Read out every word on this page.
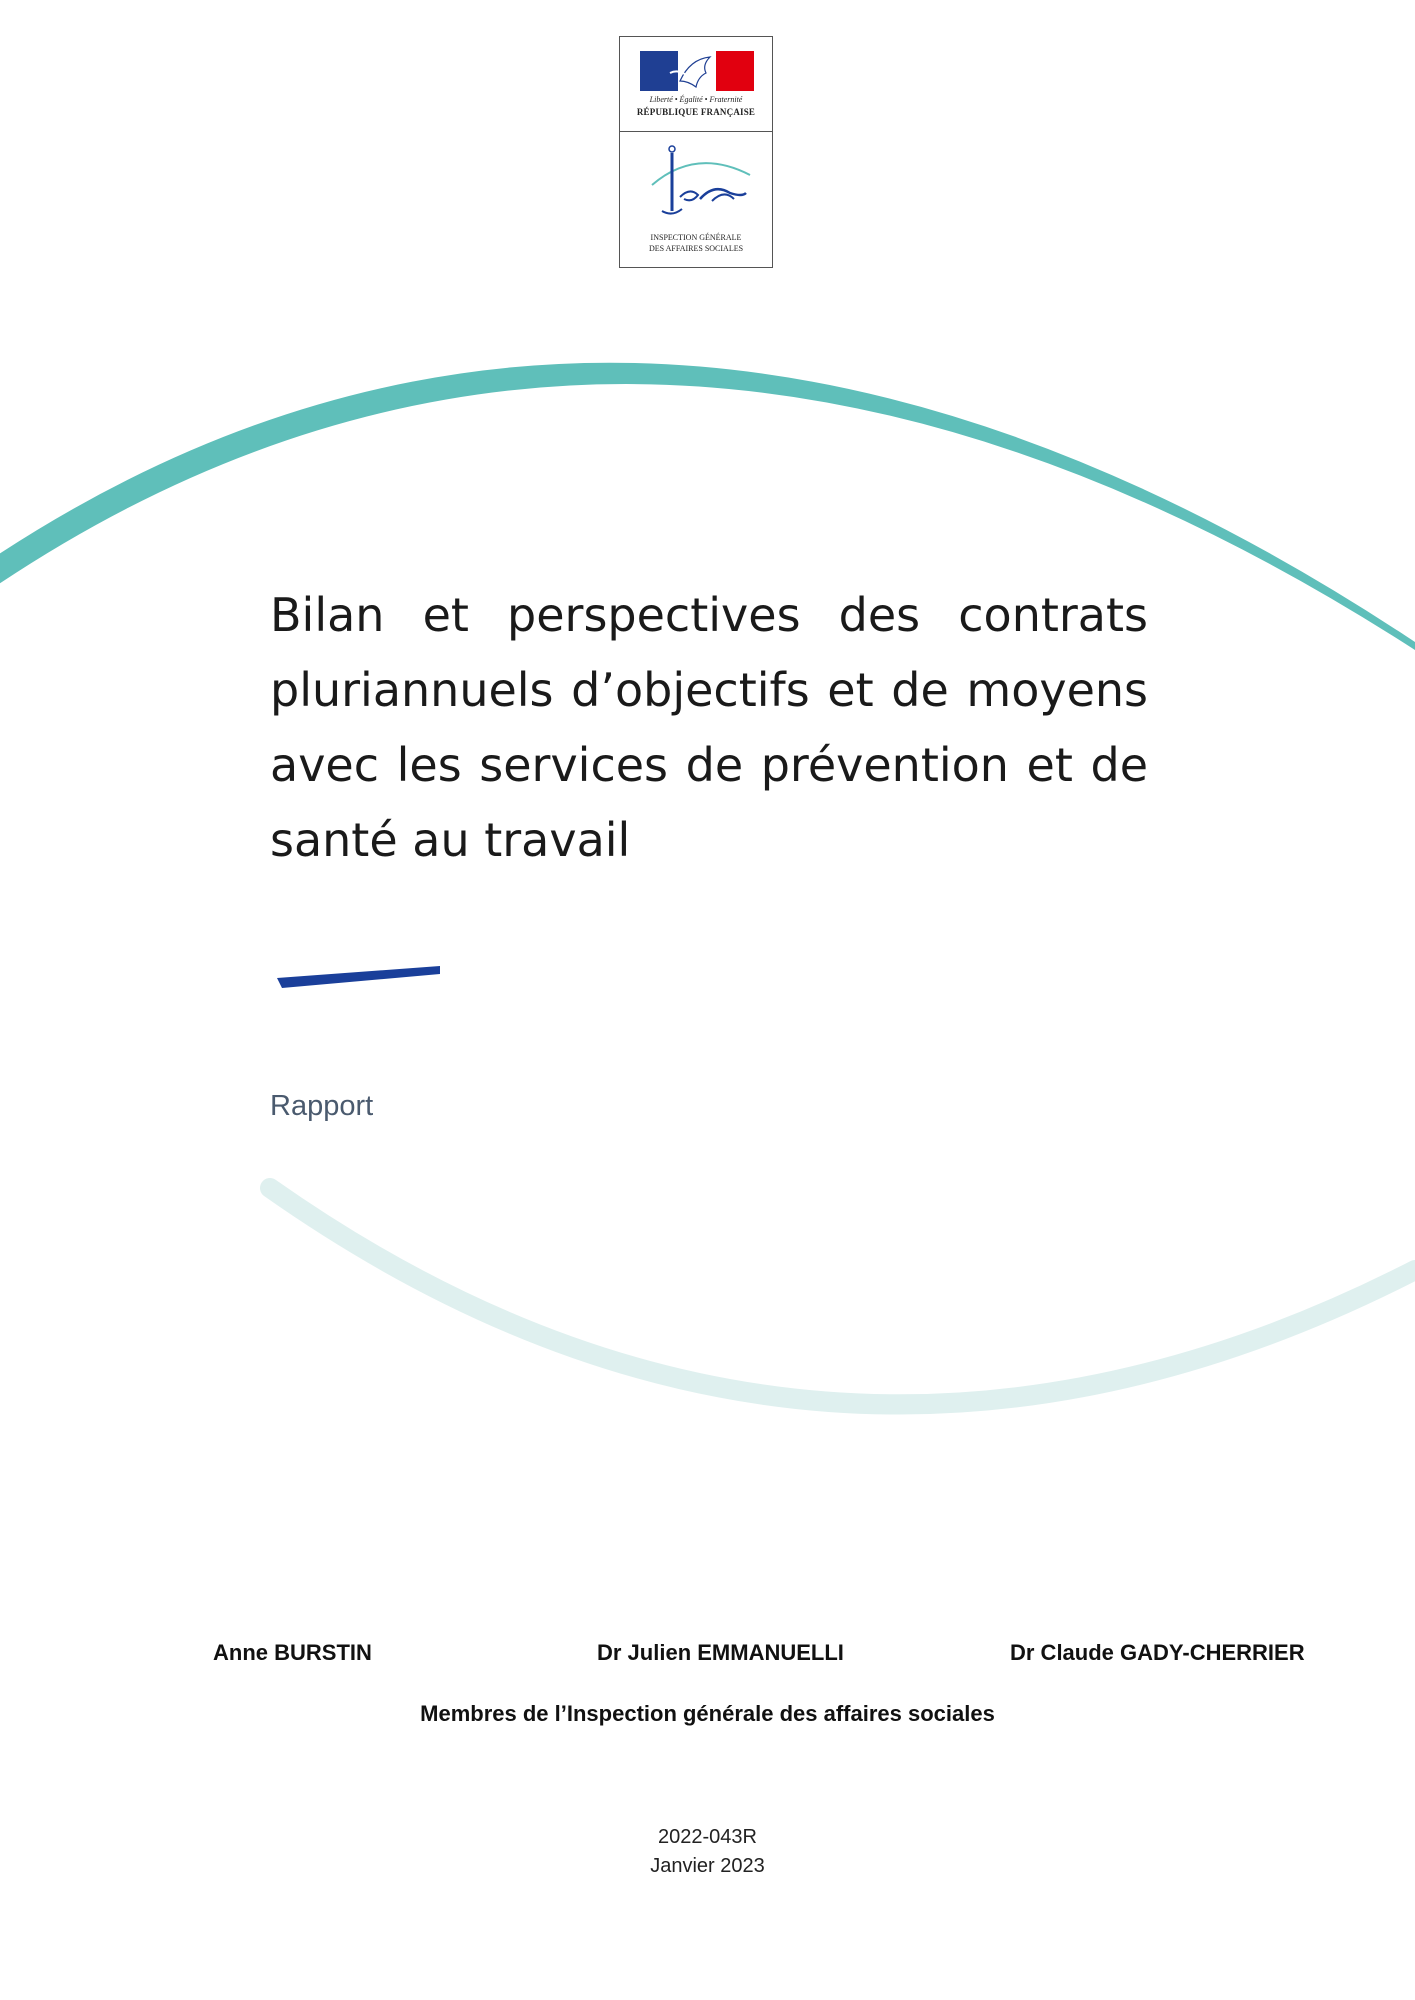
Liberté • Égalité • Fraternité
RÉPUBLIQUE FRANÇAISE
INSPECTION GÉNÉRALE
DES AFFAIRES SOCIALES
Bilan et perspectives des contrats pluriannuels d’objectifs et de moyens avec les services de prévention et de santé au travail
Rapport
Anne BURSTIN	Dr Julien EMMANUELLI	Dr Claude GADY-CHERRIER
Membres de l’Inspection générale des affaires sociales
2022-043R
Janvier 2023
